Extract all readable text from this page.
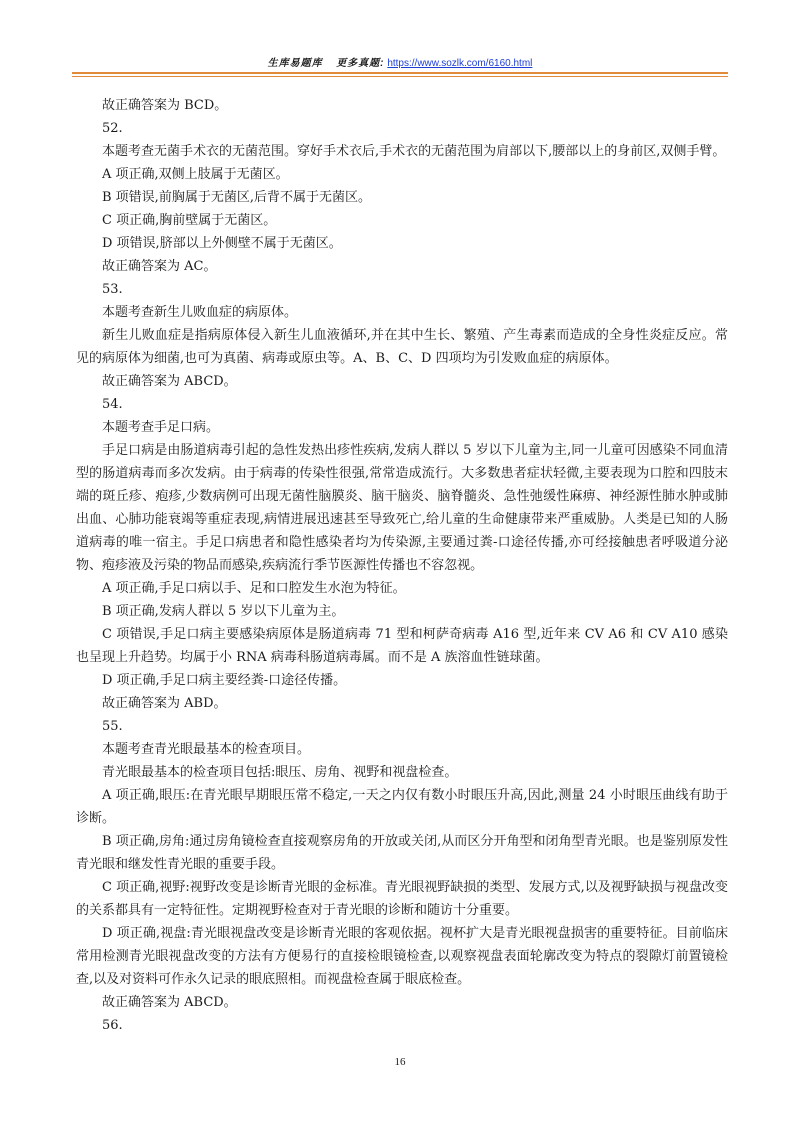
生库易题库 更多真题: https://www.sozlk.com/6160.html

故正确答案为 BCD。

52.

本题考查无菌手术衣的无菌范围。穿好手术衣后,手术衣的无菌范围为肩部以下,腰部以上的身前区,双侧手臂。

A 项正确,双侧上肢属于无菌区。

B 项错误,前胸属于无菌区,后背不属于无菌区。

C 项正确,胸前壁属于无菌区。

D 项错误,脐部以上外侧壁不属于无菌区。

故正确答案为 AC。

53.

本题考查新生儿败血症的病原体。

新生儿败血症是指病原体侵入新生儿血液循环,并在其中生长、繁殖、产生毒素而造成的全身性炎症反应。常见的病原体为细菌,也可为真菌、病毒或原虫等。A、B、C、D 四项均为引发败血症的病原体。

故正确答案为 ABCD。

54.

本题考查手足口病。

手足口病是由肠道病毒引起的急性发热出疹性疾病,发病人群以 5 岁以下儿童为主,同一儿童可因感染不同血清型的肠道病毒而多次发病。由于病毒的传染性很强,常常造成流行。大多数患者症状轻微,主要表现为口腔和四肢末端的斑丘疹、疱疹,少数病例可出现无菌性脑膜炎、脑干脑炎、脑脊髓炎、急性弛缓性麻痹、神经源性肺水肿或肺出血、心肺功能衰竭等重症表现,病情进展迅速甚至导致死亡,给儿童的生命健康带来严重威胁。人类是已知的人肠道病毒的唯一宿主。手足口病患者和隐性感染者均为传染源,主要通过粪-口途径传播,亦可经接触患者呼吸道分泌物、疱疹液及污染的物品而感染,疾病流行季节医源性传播也不容忽视。

A 项正确,手足口病以手、足和口腔发生水泡为特征。

B 项正确,发病人群以 5 岁以下儿童为主。

C 项错误,手足口病主要感染病原体是肠道病毒 71 型和柯萨奇病毒 A16 型,近年来 CV A6 和 CV A10 感染也呈现上升趋势。均属于小 RNA 病毒科肠道病毒属。而不是 A 族溶血性链球菌。

D 项正确,手足口病主要经粪-口途径传播。

故正确答案为 ABD。

55.

本题考查青光眼最基本的检查项目。

青光眼最基本的检查项目包括:眼压、房角、视野和视盘检查。

A 项正确,眼压:在青光眼早期眼压常不稳定,一天之内仅有数小时眼压升高,因此,测量 24 小时眼压曲线有助于诊断。

B 项正确,房角:通过房角镜检查直接观察房角的开放或关闭,从而区分开角型和闭角型青光眼。也是鉴别原发性青光眼和继发性青光眼的重要手段。

C 项正确,视野:视野改变是诊断青光眼的金标准。青光眼视野缺损的类型、发展方式,以及视野缺损与视盘改变的关系都具有一定特征性。定期视野检查对于青光眼的诊断和随访十分重要。

D 项正确,视盘:青光眼视盘改变是诊断青光眼的客观依据。视杯扩大是青光眼视盘损害的重要特征。目前临床常用检测青光眼视盘改变的方法有方便易行的直接检眼镜检查,以观察视盘表面轮廓改变为特点的裂隙灯前置镜检查,以及对资料可作永久记录的眼底照相。而视盘检查属于眼底检查。

故正确答案为 ABCD。

56.

16
